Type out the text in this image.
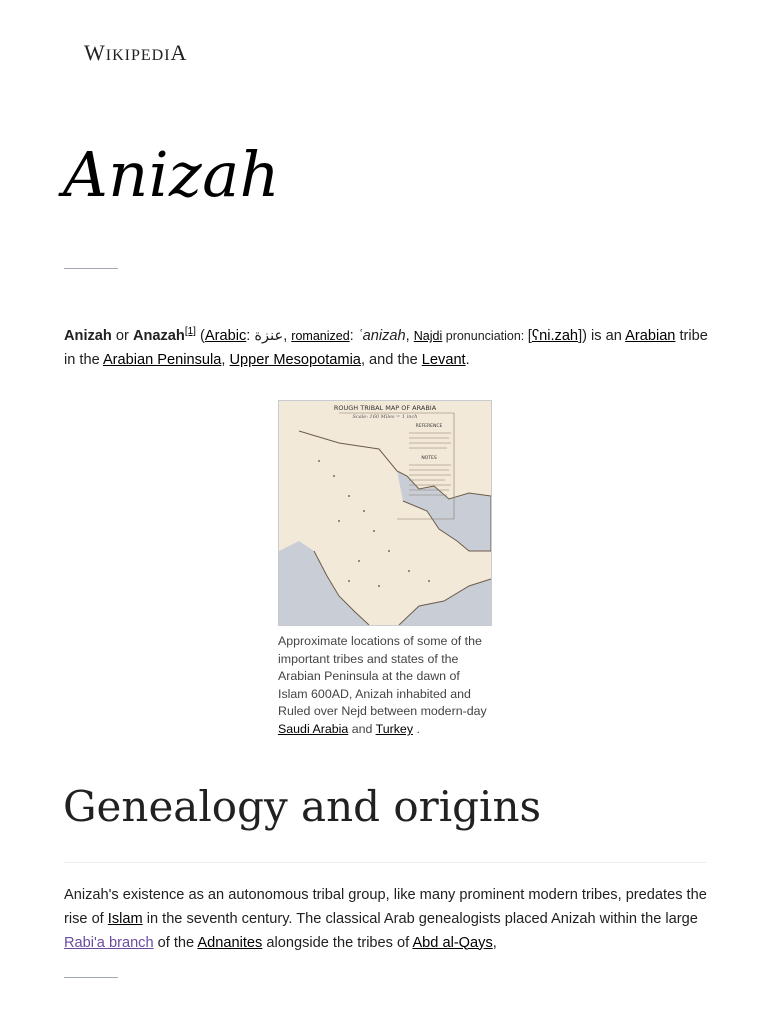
WIKIPEDIA
Anizah

Anizah or Anazah[1] (Arabic: عنزة, romanized: ʿanizah, Najdi pronunciation: [ʕni.zah]) is an Arabian tribe in the Arabian Peninsula, Upper Mesopotamia, and the Levant.

ROUGH TRIBAL MAP OF ARABIA
Scale: 160 Miles = 1 inch
REFERENCE
NOTES
Approximate locations of some of the important tribes and states of the Arabian Peninsula at the dawn of Islam 600AD, Anizah inhabited and Ruled over Nejd between modern-day Saudi Arabia and Turkey .
Genealogy and origins

Anizah's existence as an autonomous tribal group, like many prominent modern tribes, predates the rise of Islam in the seventh century. The classical Arab genealogists placed Anizah within the large Rabi'a branch of the Adnanites alongside the tribes of Abd al-Qays,
